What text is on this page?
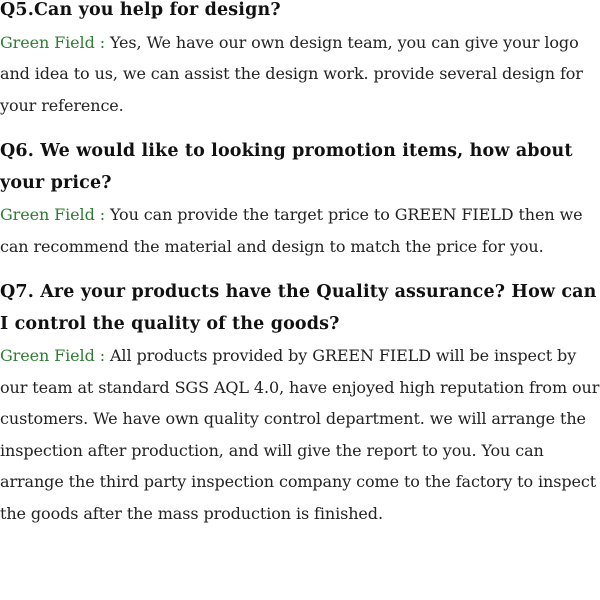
Q5.Can you help for design?

Green Field : Yes, We have our own design team, you can give your logo and idea to us, we can assist the design work. provide several design for your reference.

Q6. We would like to looking promotion items, how about your price?

Green Field : You can provide the target price to GREEN FIELD then we can recommend the material and design to match the price for you.

Q7. Are your products have the Quality assurance? How can I control the quality of the goods?

Green Field : All products provided by GREEN FIELD will be inspect by our team at standard SGS AQL 4.0, have enjoyed high reputation from our customers. We have own quality control department. we will arrange the inspection after production, and will give the report to you. You can arrange the third party inspection company come to the factory to inspect the goods after the mass production is finished.
